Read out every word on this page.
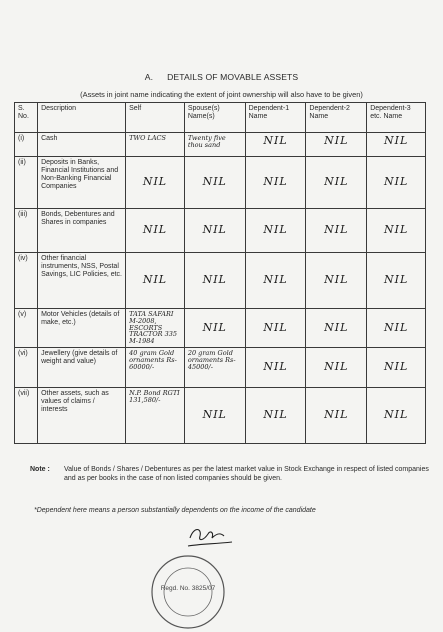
A. DETAILS OF MOVABLE ASSETS
(Assets in joint name indicating the extent of joint ownership will also have to be given)
S. No.	Description	Self	Spouse(s) Name(s)	Dependent-1 Name	Dependent-2 Name	Dependent-3 etc. Name
(i)	Cash	TWO LACS	Twenty five thou sand	NIL	NIL	NIL

(ii)	Deposits in Banks, Financial Institutions and Non-Banking Financial Companies	NIL	NIL	NIL	NIL	NIL

(iii)	Bonds, Debentures and Shares in companies	NIL	NIL	NIL	NIL	NIL

(iv)	Other financial instruments, NSS, Postal Savings, LIC Policies, etc.	NIL	NIL	NIL	NIL	NIL

(v)	Motor Vehicles (details of make, etc.)	TATA SAFARI M-2008, ESCORTS TRACTOR 335 M-1984	NIL	NIL	NIL	NIL

(vi)	Jewellery (give details of weight and value)	40 gram Gold ornaments Rs-60000/-	20 gram Gold ornaments Rs-45000/-	NIL	NIL	NIL

(vii)	Other assets, such as values of claims / interests	N.P. Bond RGTI 131,580/-	NIL	NIL	NIL	NIL
Note : Value of Bonds / Shares / Debentures as per the latest market value in Stock Exchange in respect of listed companies and as per books in the case of non listed companies should be given.
*Dependent here means a person substantially dependents on the income of the candidate
Regd. No. 3825/07
